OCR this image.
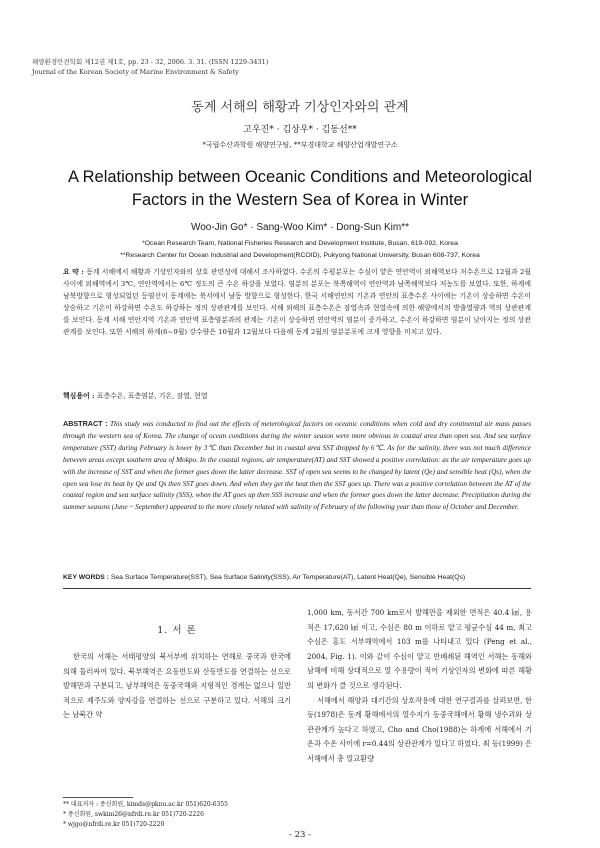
해양환경안전학회 제12권 제1호, pp. 23 - 32, 2006. 3. 31. (ISSN 1229-3431)
Journal of the Korean Society of Marine Environment & Safety
동계 서해의 해황과 기상인자와의 관계
고우진* · 김상우* · 김동선**
*국립수산과학원 해양연구팀, **부경대학교 해양산업개발연구소
A Relationship between Oceanic Conditions and Meteorological
Factors in the Western Sea of Korea in Winter
Woo-Jin Go* · Sang-Woo Kim* · Dong-Sun Kim**
*Ocean Research Team, National Fisheries Research and Development Institute, Busan, 619-092, Korea
**Research Center for Ocean Industrial and Development(RCOID), Pukyong National University, Busan 608-737, Korea
요 약 : 동계 서해에서 해황과 기상인자와의 상호 관련성에 대해서 조사하였다. 수온의 수평분포는 수심이 얕은 연안역이 외해역보다 저수온으로 12월과 2월사이에 외해역에서 3℃, 연안역에서는 6℃ 정도의 큰 수온 하강을 보였다. 염분의 분포는 북쪽해역이 연안역과 남쪽해역보다 저농도를 보였다. 또한, 하계에 남북방향으로 형성되었던 등염선이 동계에는 북서에서 남동 방향으로 형성한다. 한국 서해연안의 기온과 연안의 표층수온 사이에는 기온이 상승하면 수온이 상승하고 기온이 하강하면 수온도 하강하는 정의 상관관계를 보인다. 서해 외해의 표층수온은 잠열속과 현열속에 의한 해양에서의 방출열량과 역의 상관관계를 보인다. 동계 서해 연안지역 기온과 연안역 표층염분과의 관계는 기온이 상승하면 연안역의 염분이 증가하고, 수온이 하강하면 염분이 낮아지는 정의 상관관계를 보인다. 또한 서해의 하계(6~9월) 강수량은 10월과 12월보다 다음해 동계 2월의 염분분포에 크게 영향을 미치고 있다.
핵심용어 : 표층수온, 표층염분, 기온, 잠열, 현열
ABSTRACT : This study was conducted to find out the effects of meterological factors on oceanic conditions when cold and dry continental air mass passes through the western sea of Korea. The change of ocean conditions during the winter season were more obvious in coastal area than open sea. And sea surface temperature (SST) during February is lower by 3℃ than December but in coastal area SST dropped by 6℃. As for the salinity, there was not much difference between areas except southern area of Mokpo. In the coastal regions, air temperature(AT) and SST showed a positive correlation: as the air temperature goes up with the increase of SST and when the former goes down the latter decrease. SST of open sea seems to be changed by latent (Qe) and sensible heat (Qs), when the open sea lose its heat by Qe and Qs then SST goes down. And when they get the heat then the SST goes up. There was a positive correlation between the AT of the coastal region and sea surface salinity (SSS), when the AT goes up then SSS increase and when the former goes down the latter decrease. Precipitation during the summer seasons (June ~ September) appeared to the more closely related with salinity of February of the following year than those of October and December.
KEY WORDS : Sea Surface Temperature(SST), Sea Surface Salinity(SSS), Air Temperature(AT), Latent Heat(Qe), Sensible Heat(Qs)
1. 서 론

한국의 서해는 서태평양의 북서부에 위치하는 연해로 중국과 한국에 의해 둘러싸여 있다. 북부해역은 요동반도와 산동반도를 연결하는 선으로 발해만과 구분되고, 남부해역은 동중국해와 지형적인 경계는 없으나 일반적으로 제주도와 양자강을 연결하는 선으로 구분하고 있다. 서해의 크기는 남북간 약

1,000 km, 동서간 700 km로서 발해만을 제외한 면적은 40.4 ㎢, 용적은 17,620 ㎦ 이고, 수심은 80 m 이하로 얕고 평균수심 44 m, 최고수심은 홍도 서부해역에서 103 m를 나타내고 있다 (Peng et al., 2004, Fig. 1). 이와 같이 수심이 얕고 반폐쇄된 해역인 서해는 동해와 남해에 비해 상대적으로 열 수용량이 적어 기상인자의 변화에 따른 해황의 변화가 클 것으로 생각된다.

서해에서 해양과 대기간의 상호작용에 대한 연구결과를 살펴보면, 한 등(1978)은 동계 황해에서의 열수지가 동중국해에서 황해 냉수괴와 상관관계가 높다고 하였고, Cho and Cho(1988)는 하계에 서해에서 기온과 수온 사이에 r=0.44의 상관관계가 있다고 하였다. 최 등(1999) 은 서해에서 총 열교환량

** 대표저자 : 종신회원, kimds@pknu.ac.kr 051)620-6355
* 종신회원, swkim26@nfrdi.re.kr 051)720-2226
* wjgo@nfrdi.re.kr 051)720-2220
- 23 -
